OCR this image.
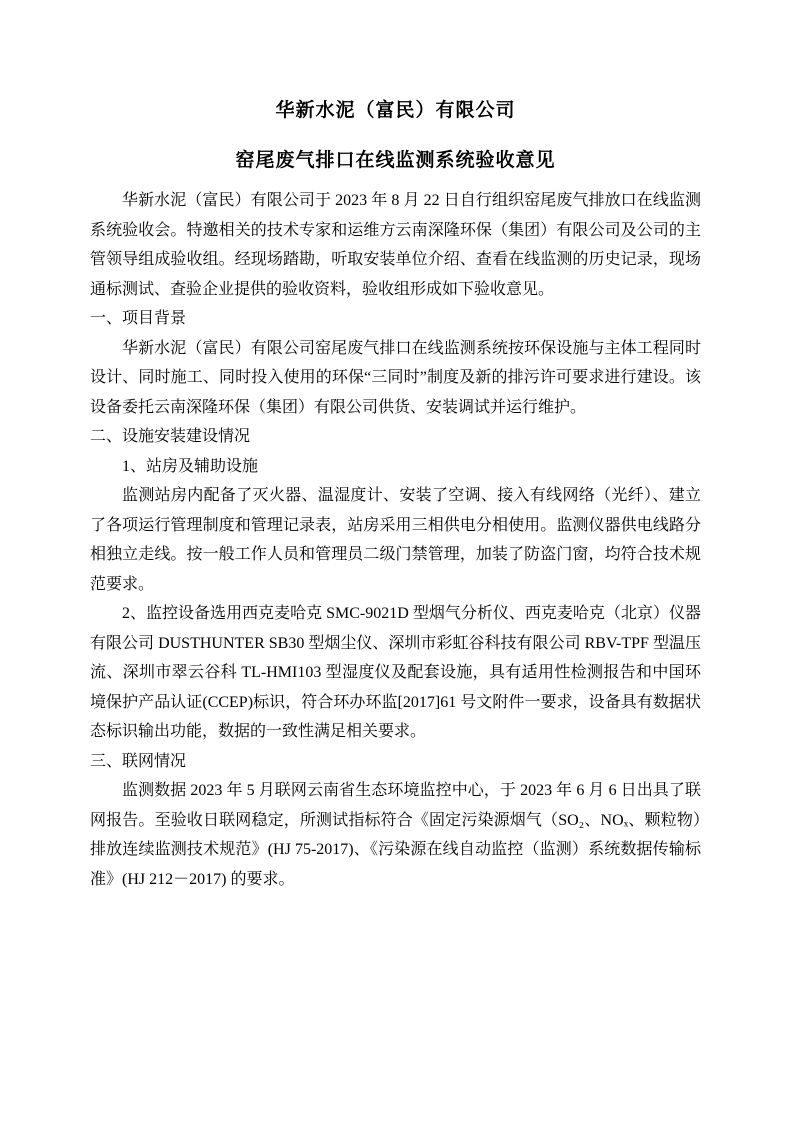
华新水泥（富民）有限公司
窑尾废气排口在线监测系统验收意见

华新水泥（富民）有限公司于 2023 年 8 月 22 日自行组织窑尾废气排放口在线监测系统验收会。特邀相关的技术专家和运维方云南深隆环保（集团）有限公司及公司的主管领导组成验收组。经现场踏勘，听取安装单位介绍、查看在线监测的历史记录，现场通标测试、查验企业提供的验收资料，验收组形成如下验收意见。

一、项目背景

华新水泥（富民）有限公司窑尾废气排口在线监测系统按环保设施与主体工程同时设计、同时施工、同时投入使用的环保“三同时”制度及新的排污许可要求进行建设。该设备委托云南深隆环保（集团）有限公司供货、安装调试并运行维护。

二、设施安装建设情况

1、站房及辅助设施

监测站房内配备了灭火器、温湿度计、安装了空调、接入有线网络（光纤）、建立了各项运行管理制度和管理记录表，站房采用三相供电分相使用。监测仪器供电线路分相独立走线。按一般工作人员和管理员二级门禁管理，加装了防盗门窗，均符合技术规范要求。

2、监控设备选用西克麦哈克 SMC-9021D 型烟气分析仪、西克麦哈克（北京）仪器有限公司 DUSTHUNTER SB30 型烟尘仪、深圳市彩虹谷科技有限公司 RBV-TPF 型温压流、深圳市翠云谷科 TL-HMI103 型湿度仪及配套设施，具有适用性检测报告和中国环境保护产品认证(CCEP)标识，符合环办环监[2017]61 号文附件一要求，设备具有数据状态标识输出功能，数据的一致性满足相关要求。

三、联网情况

监测数据 2023 年 5 月联网云南省生态环境监控中心，于 2023 年 6 月 6 日出具了联网报告。至验收日联网稳定，所测试指标符合《固定污染源烟气（SO₂、NOₓ、颗粒物）排放连续监测技术规范》(HJ 75-2017)、《污染源在线自动监控（监测）系统数据传输标准》(HJ 212－2017) 的要求。
